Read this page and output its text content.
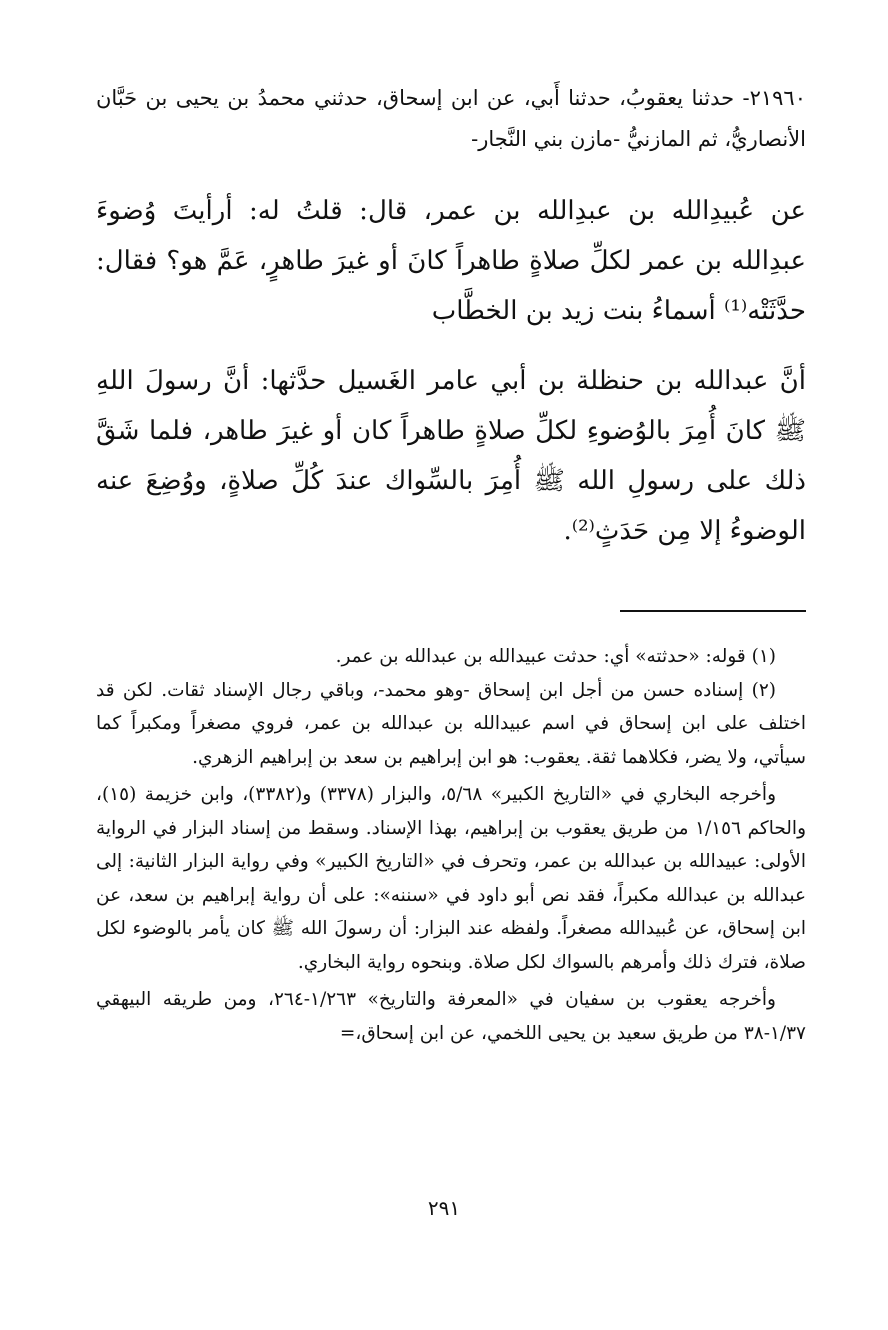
٢١٩٦٠- حدثنا يعقوبُ، حدثنا أَبي، عن ابن إسحاق، حدثني محمدُ بن يحيى بن حَبَّان الأنصاريُّ، ثم المازنيُّ -مازن بني النَّجار-

عن عُبيدِالله بن عبدِالله بن عمر، قال: قلتُ له: أرأيتَ وُضوءَ عبدِالله بن عمر لكلِّ صلاةٍ طاهراً كانَ أو غيرَ طاهرٍ، عَمَّ هو؟ فقال: حدَّثَتْه⁽¹⁾ أسماءُ بنت زيد بن الخطَّاب

أنَّ عبدالله بن حنظلة بن أبي عامر الغَسيل حدَّثها: أنَّ رسولَ اللهِ ﷺ كانَ أُمِرَ بالوُضوءِ لكلِّ صلاةٍ طاهراً كان أو غيرَ طاهر، فلما شَقَّ ذلك على رسولِ الله ﷺ أُمِرَ بالسِّواك عندَ كُلِّ صلاةٍ، ووُضِعَ عنه الوضوءُ إلا مِن حَدَثٍ⁽²⁾.

(١) قوله: «حدثته» أي: حدثت عبيدالله بن عبدالله بن عمر.

(٢) إسناده حسن من أجل ابن إسحاق -وهو محمد-، وباقي رجال الإسناد ثقات. لكن قد اختلف على ابن إسحاق في اسم عبيدالله بن عبدالله بن عمر، فروي مصغراً ومكبراً كما سيأتي، ولا يضر، فكلاهما ثقة. يعقوب: هو ابن إبراهيم بن سعد بن إبراهيم الزهري.

وأخرجه البخاري في «التاريخ الكبير» ٥/٦٨، والبزار (٣٣٧٨) و(٣٣٨٢)، وابن خزيمة (١٥)، والحاكم ١/١٥٦ من طريق يعقوب بن إبراهيم، بهذا الإسناد. وسقط من إسناد البزار في الرواية الأولى: عبيدالله بن عبدالله بن عمر، وتحرف في «التاريخ الكبير» وفي رواية البزار الثانية: إلى عبدالله بن عبدالله مكبراً، فقد نص أبو داود في «سننه»: على أن رواية إبراهيم بن سعد، عن ابن إسحاق، عن عُبيدالله مصغراً. ولفظه عند البزار: أن رسولَ الله ﷺ كان يأمر بالوضوء لكل صلاة، فترك ذلك وأمرهم بالسواك لكل صلاة. وبنحوه رواية البخاري.

وأخرجه يعقوب بن سفيان في «المعرفة والتاريخ» ١/٢٦٣-٢٦٤، ومن طريقه البيهقي ١/٣٧-٣٨ من طريق سعيد بن يحيى اللخمي، عن ابن إسحاق،=

٢٩١
